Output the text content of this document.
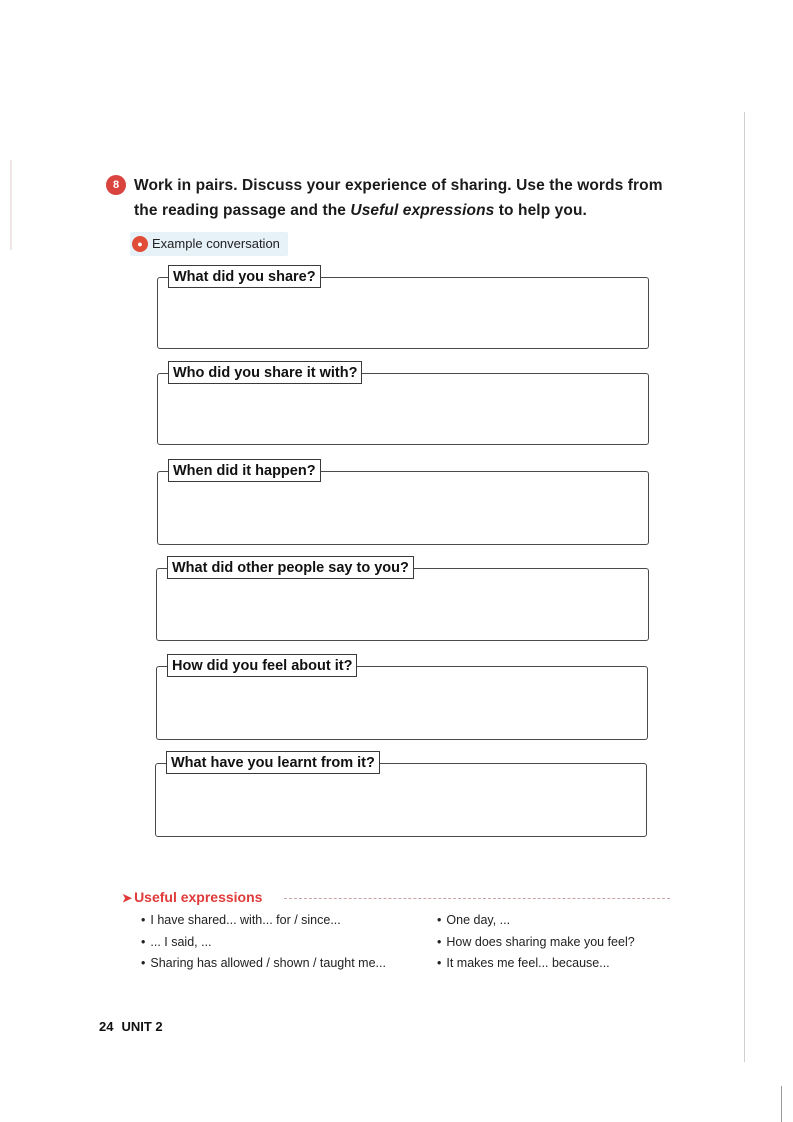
8 Work in pairs. Discuss your experience of sharing. Use the words from
the reading passage and the Useful expressions to help you.
● Example conversation
What did you share?
Who did you share it with?
When did it happen?
What did other people say to you?
How did you feel about it?
What have you learnt from it?
➤ Useful expressions
• I have shared... with... for / since...
• ... I said, ...
• Sharing has allowed / shown / taught me...
• One day, ...
• How does sharing make you feel?
• It makes me feel... because...
24 UNIT 2
